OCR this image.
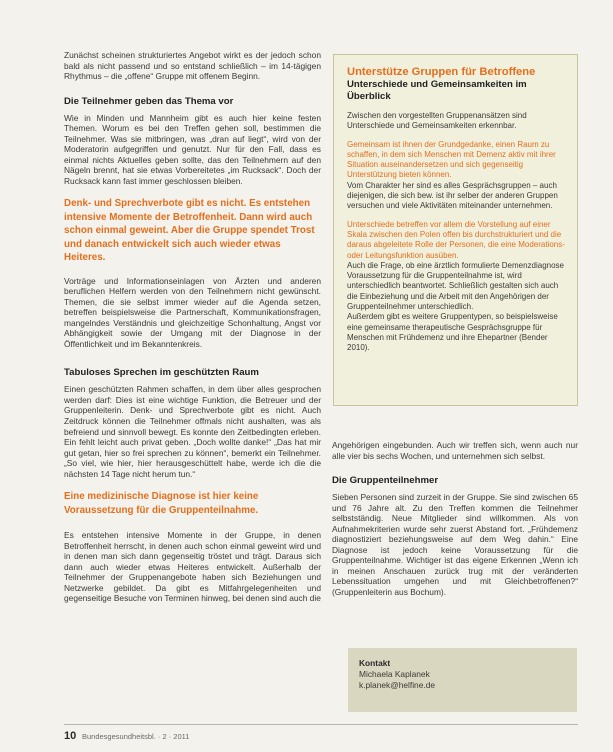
Zunächst scheinen strukturiertes Angebot wirkt es der jedoch schon bald als nicht passend und so entstand schließlich – im 14-tägigen Rhythmus – die „offene“ Gruppe mit offenem Beginn.

Die Teilnehmer geben das Thema vor

Wie in Minden und Mannheim gibt es auch hier keine festen Themen. Worum es bei den Treffen gehen soll, bestimmen die Teilnehmer. Was sie mitbringen, was „dran auf liegt“, wird von der Moderatorin aufgegriffen und genutzt. Nur für den Fall, dass es einmal nichts Aktuelles geben sollte, das den Teilnehmern auf den Nägeln brennt, hat sie etwas Vorbereitetes „im Rucksack“. Doch der Rucksack kann fast immer geschlossen bleiben.

Denk- und Sprechverbote gibt es nicht. Es entstehen intensive Momente der Betroffenheit. Dann wird auch schon einmal geweint. Aber die Gruppe spendet Trost und danach entwickelt sich auch wieder etwas Heiteres.

Vorträge und Informationseinlagen von Ärzten und anderen beruflichen Helfern werden von den Teilnehmern nicht gewünscht. Themen, die sie selbst immer wieder auf die Agenda setzen, betreffen beispielsweise die Partnerschaft, Kommunikationsfragen, mangelndes Verständnis und gleichzeitige Schonhaltung, Angst vor Abhängigkeit sowie der Umgang mit der Diagnose in der Öffentlichkeit und im Bekanntenkreis.

Tabuloses Sprechen im geschützten Raum

Einen geschützten Rahmen schaffen, in dem über alles gesprochen werden darf: Dies ist eine wichtige Funktion, die Betreuer und der Gruppenleiterin. Denk- und Sprechverbote gibt es nicht. Auch Zeitdruck können die Teilnehmer offmals nicht aushalten, was als befreiend und sinnvoll bewegt. Es konnte den Zeitbedingten erleben. Ein fehlt leicht auch privat geben. „Doch wollte danke!“ „Das hat mir gut getan, hier so frei sprechen zu können“, bemerkt ein Teilnehmer. „So viel, wie hier, hier herausgeschüttelt habe, werde ich die die nächsten 14 Tage nicht herum tun.“

Eine medizinische Diagnose ist hier keine Voraussetzung für die Gruppenteilnahme.

Es entstehen intensive Momente in der Gruppe, in denen Betroffenheit herrscht, in denen auch schon einmal geweint wird und in denen man sich dann gegenseitig tröstet und trägt. Daraus sich dann auch wieder etwas Heiteres entwickelt. Außerhalb der Teilnehmer der Gruppenangebote haben sich Beziehungen und Netzwerke gebildet. Da gibt es Mitfahrgelegenheiten und gegenseitige Besuche von Terminen hinweg, bei denen sind auch die

Unterstütze Gruppen für Betroffene
Unterschiede und Gemeinsamkeiten im Überblick

Zwischen den vorgestellten Gruppenansätzen sind Unterschiede und Gemeinsamkeiten erkennbar.

Gemeinsam ist ihnen der Grundgedanke, einen Raum zu schaffen, in dem sich Menschen mit Demenz aktiv mit ihrer Situation auseinandersetzen und sich gegenseitig Unterstützung bieten können.

Vom Charakter her sind es alles Gesprächsgruppen – auch diejenigen, die sich bew. ist ihr selber der anderen Gruppen versuchen und viele Aktivitäten miteinander unternehmen.

Unterschiede betreffen vor allem die Vorstellung auf einer Skala zwischen den Polen offen bis durchstrukturiert und die daraus abgeleitete Rolle der Personen, die eine Moderations- oder Leitungsfunktion ausüben.

Auch die Frage, ob eine ärztlich formulierte Demenzdiagnose Voraussetzung für die Gruppenteilnahme ist, wird unterschiedlich beantwortet. Schließlich gestalten sich auch die Einbeziehung und die Arbeit mit den Angehörigen der Gruppenteilnehmer unterschiedlich.

Außerdem gibt es weitere Gruppentypen, so beispielsweise eine gemeinsame therapeutische Gesprächsgruppe für Menschen mit Frühdemenz und ihre Ehepartner (Bender 2010).

Angehörigen eingebunden. Auch wir treffen sich, wenn auch nur alle vier bis sechs Wochen, und unternehmen sich selbst.

Die Gruppenteilnehmer

Sieben Personen sind zurzeit in der Gruppe. Sie sind zwischen 65 und 76 Jahre alt. Zu den Treffen kommen die Teilnehmer selbstständig. Neue Mitglieder sind willkommen. Als von Aufnahmekriterien wurde sehr zuerst Abstand fort. „Frühdemenz diagnostiziert beziehungsweise auf dem Weg dahin.“ Eine Diagnose ist jedoch keine Voraussetzung für die Gruppenteilnahme. Wichtiger ist das eigene Erkennen „Wenn ich in meinen Anschauen zurück trug mit der veränderten Lebenssituation umgehen und mit Gleichbetroffenen?“ (Gruppenleiterin aus Bochum).

Kontakt
Michaela Kaplanek
k.planek@helfine.de
10 Bundesgesundheitsbl. · 2 · 2011
